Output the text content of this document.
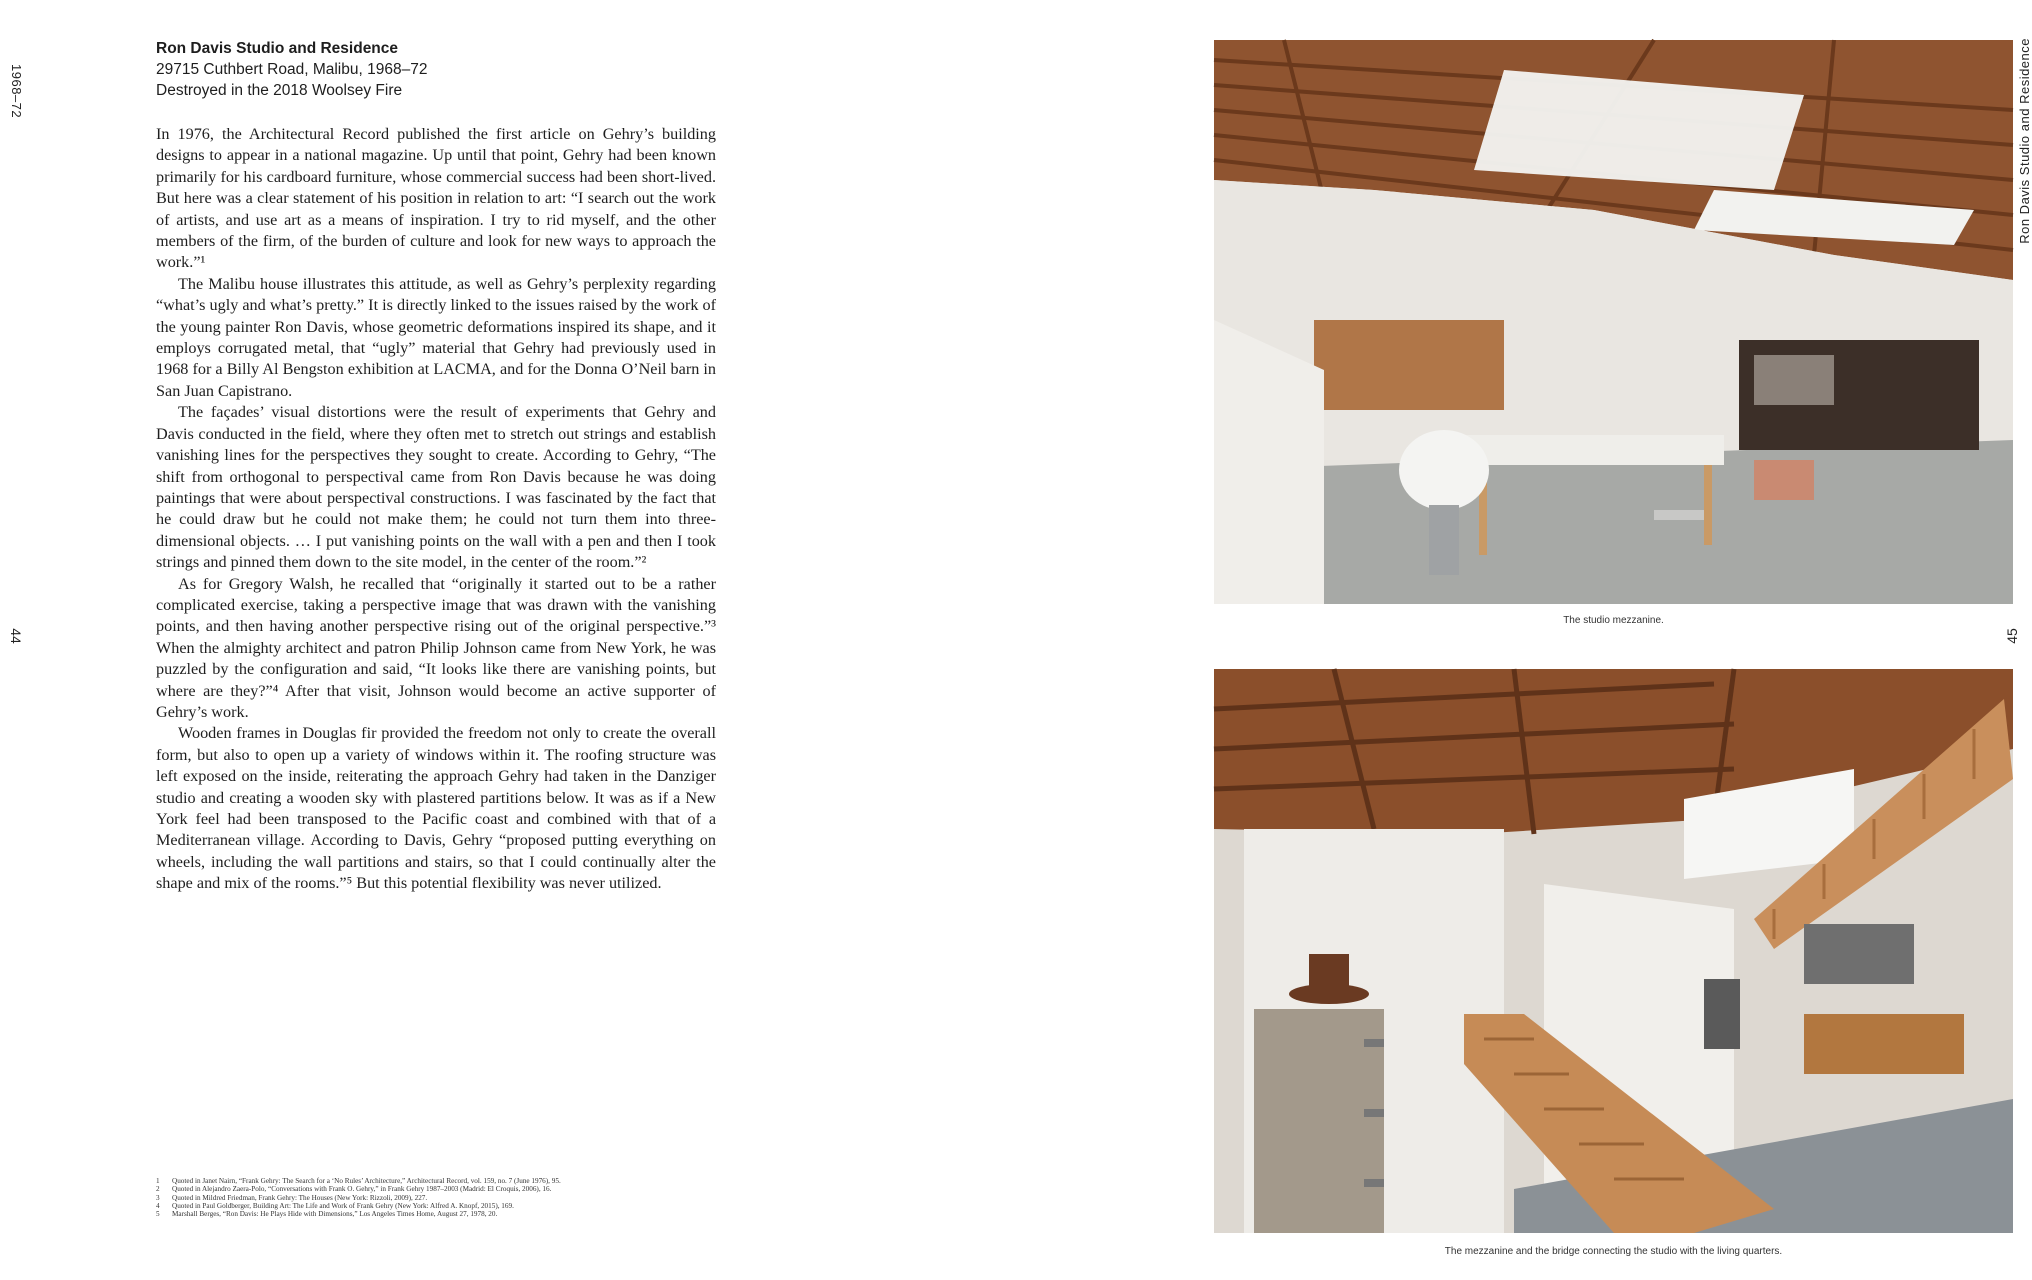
1968–72
44
Ron Davis Studio and Residence
29715 Cuthbert Road, Malibu, 1968–72
Destroyed in the 2018 Woolsey Fire

In 1976, the Architectural Record published the first article on Gehry’s building designs to appear in a national magazine. Up until that point, Gehry had been known primarily for his cardboard furniture, whose commercial success had been short-lived. But here was a clear statement of his position in relation to art: “I search out the work of artists, and use art as a means of inspiration. I try to rid myself, and the other members of the firm, of the burden of culture and look for new ways to approach the work.”¹

The Malibu house illustrates this attitude, as well as Gehry’s perplexity regarding “what’s ugly and what’s pretty.” It is directly linked to the issues raised by the work of the young painter Ron Davis, whose geometric deformations inspired its shape, and it employs corrugated metal, that “ugly” material that Gehry had previously used in 1968 for a Billy Al Bengston exhibition at LACMA, and for the Donna O’Neil barn in San Juan Capistrano.

The façades’ visual distortions were the result of experiments that Gehry and Davis conducted in the field, where they often met to stretch out strings and establish vanishing lines for the perspectives they sought to create. According to Gehry, “The shift from orthogonal to perspectival came from Ron Davis because he was doing paintings that were about perspectival constructions. I was fascinated by the fact that he could draw but he could not make them; he could not turn them into three-dimensional objects. … I put vanishing points on the wall with a pen and then I took strings and pinned them down to the site model, in the center of the room.”²

As for Gregory Walsh, he recalled that “originally it started out to be a rather complicated exercise, taking a perspective image that was drawn with the vanishing points, and then having another perspective rising out of the original perspective.”³ When the almighty architect and patron Philip Johnson came from New York, he was puzzled by the configuration and said, “It looks like there are vanishing points, but where are they?”⁴ After that visit, Johnson would become an active supporter of Gehry’s work.

Wooden frames in Douglas fir provided the freedom not only to create the overall form, but also to open up a variety of windows within it. The roofing structure was left exposed on the inside, reiterating the approach Gehry had taken in the Danziger studio and creating a wooden sky with plastered partitions below. It was as if a New York feel had been transposed to the Pacific coast and combined with that of a Mediterranean village. According to Davis, Gehry “proposed putting everything on wheels, including the wall partitions and stairs, so that I could continually alter the shape and mix of the rooms.”⁵ But this potential flexibility was never utilized.

1	Quoted in Janet Nairn, “Frank Gehry: The Search for a ‘No Rules’ Architecture,” Architectural Record, vol. 159, no. 7 (June 1976), 95.
2	Quoted in Alejandro Zaera-Polo, “Conversations with Frank O. Gehry,” in Frank Gehry 1987–2003 (Madrid: El Croquis, 2006), 16.
3	Quoted in Mildred Friedman, Frank Gehry: The Houses (New York: Rizzoli, 2009), 227.
4	Quoted in Paul Goldberger, Building Art: The Life and Work of Frank Gehry (New York: Alfred A. Knopf, 2015), 169.
5	Marshall Berges, “Ron Davis: He Plays Hide with Dimensions,” Los Angeles Times Home, August 27, 1978, 20.
Ron Davis Studio and Residence
45
The studio mezzanine.
The mezzanine and the bridge connecting the studio with the living quarters.
